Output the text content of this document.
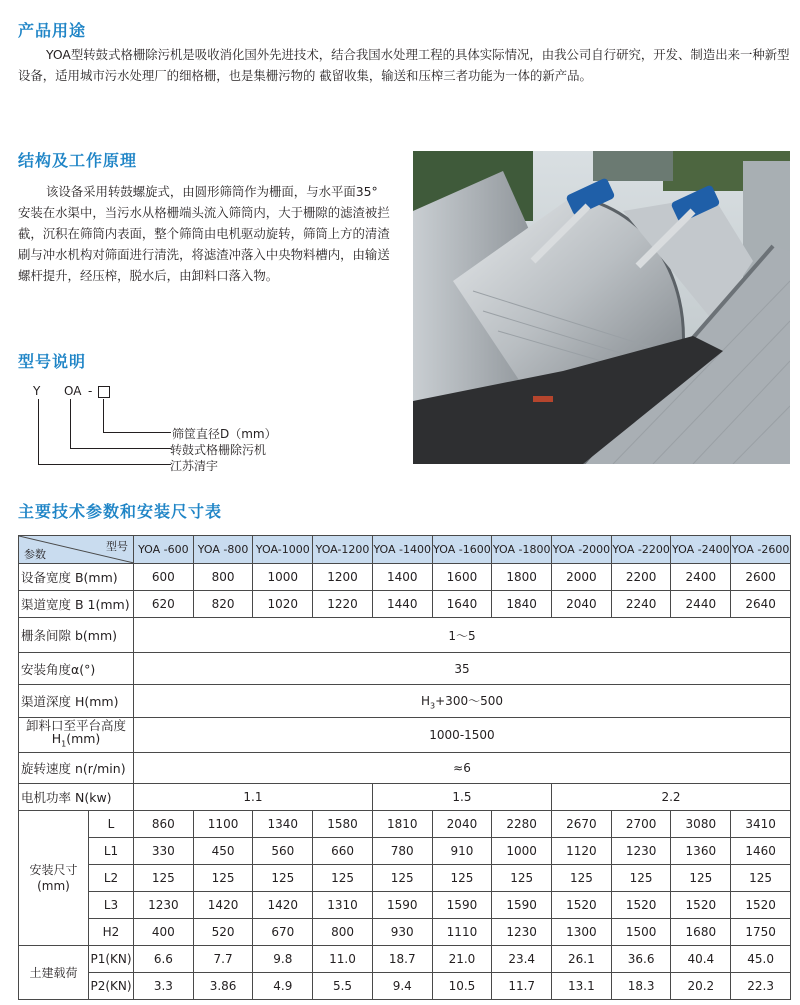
产品用途

YOA型转鼓式格栅除污机是吸收消化国外先进技术，结合我国水处理工程的具体实际情况，由我公司自行研究，开发、制造出来一种新型设备，适用城市污水处理厂的细格栅，也是集栅污物的 截留收集，输送和压榨三者功能为一体的新产品。

结构及工作原理

该设备采用转鼓螺旋式，由圆形筛筒作为栅面，与水平面35° 安装在水渠中，当污水从格栅端头流入筛筒内，大于栅隙的滤渣被拦截，沉积在筛筒内表面，整个筛筒由电机驱动旋转，筛筒上方的清渣刷与冲水机构对筛面进行清洗，将滤渣冲落入中央物料槽内，由输送螺杆提升，经压榨，脱水后，由卸料口落入物。

型号说明
Y OA -
筛筐直径D（mm）
转鼓式格栅除污机
江苏清宇
主要技术参数和安装尺寸表
型号
参数		YOA -600	YOA -800	YOA-1000	YOA-1200	YOA -1400	YOA -1600	YOA -1800	YOA -2000	YOA -2200	YOA -2400	YOA -2600
设备宽度 B(mm)		600	800	1000	1200	1400	1600	1800	2000	2200	2400	2600
渠道宽度 B 1(mm)		620	820	1020	1220	1440	1640	1840	2040	2240	2440	2640
栅条间隙 b(mm)		1～5										
安装角度α(°)		35										
渠道深度 H(mm)		$H_3+300\sim 500$										
卸料口至平台高度
$H_1(mm)$		1000-1500										
旋转速度 n(r/min)		≈6										
电机功率 N(kw)		1.1				1.5			2.2			
安装尺寸
(mm)	L	860	1100	1340	1580	1810	2040	2280	2670	2700	3080	3410
	L1	330	450	560	660	780	910	1000	1120	1230	1360	1460
	L2	125	125	125	125	125	125	125	125	125	125	125
	L3	1230	1420	1420	1310	1590	1590	1590	1520	1520	1520	1520
	H2	400	520	670	800	930	1110	1230	1300	1500	1680	1750
土建载荷	P1(KN)	6.6	7.7	9.8	11.0	18.7	21.0	23.4	26.1	36.6	40.4	45.0
	P2(KN)	3.3	3.86	4.9	5.5	9.4	10.5	11.7	13.1	18.3	20.2	22.3
